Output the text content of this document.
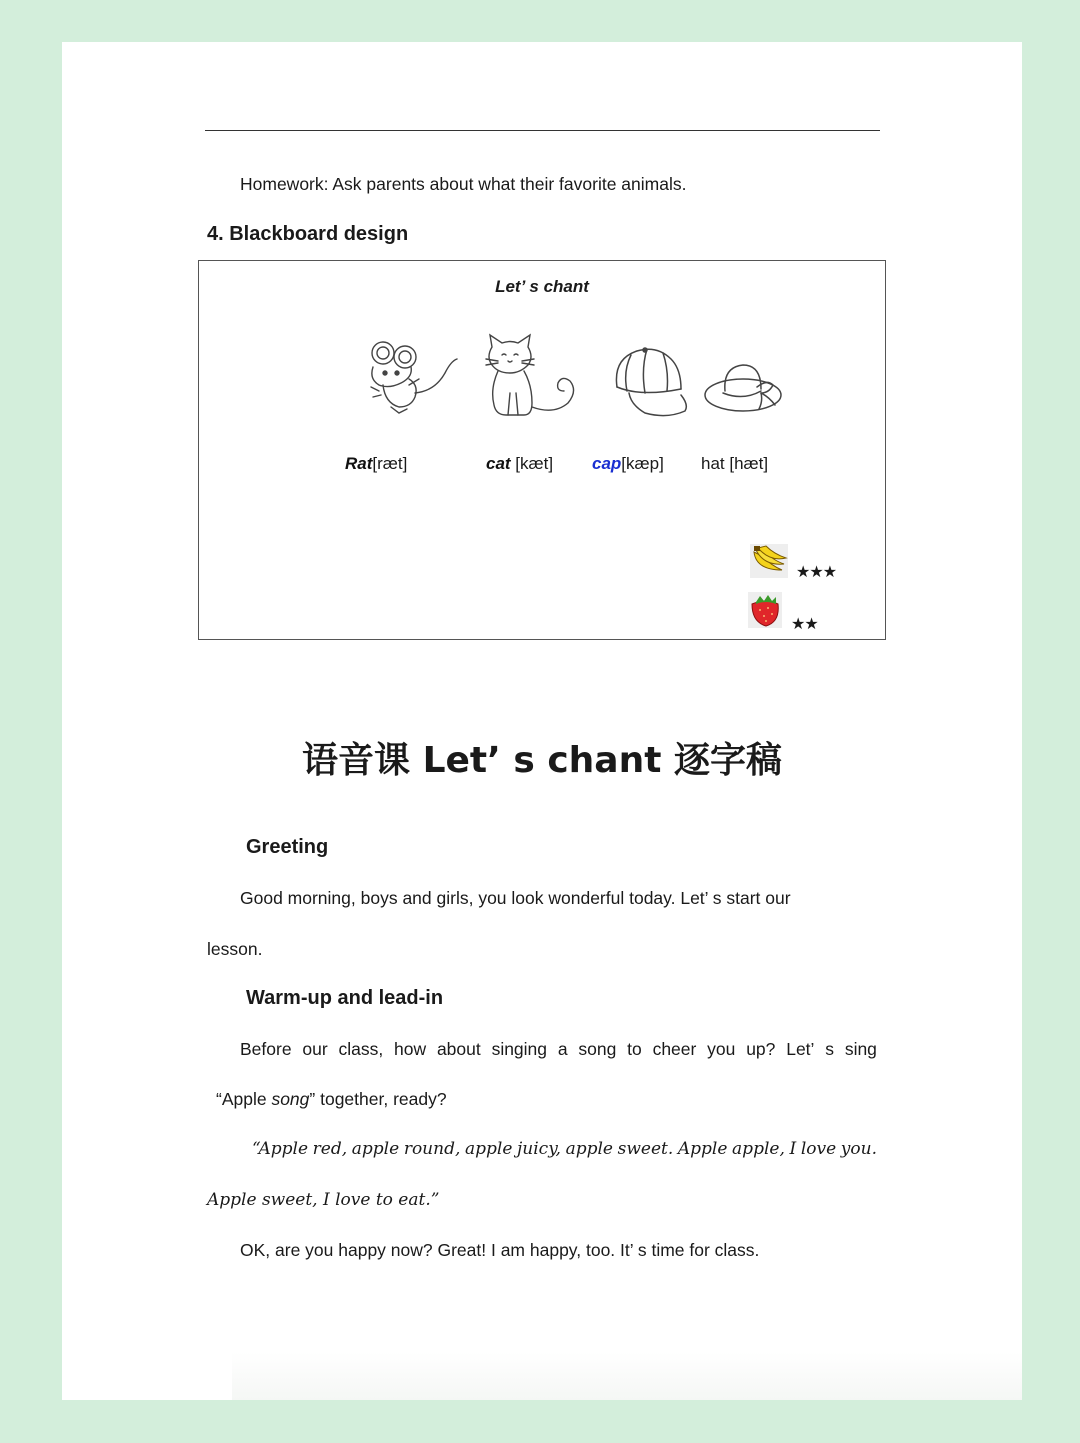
Homework: Ask parents about what their favorite animals.
4. Blackboard design
Let’ s chant
Rat[ræt]	cat [kæt] cap[kæp] hat [hæt]
★★★
★★
语音课 Let’ s chant 逐字稿
Greeting
Good morning, boys and girls, you look wonderful today. Let’ s start our
lesson.
Warm-up and lead-in
Before our class, how about singing a song to cheer you up? Let’ s sing
“Apple song” together, ready?
“Apple red, apple round, apple juicy, apple sweet. Apple apple, I love you.
Apple sweet, I love to eat.”
OK, are you happy now? Great! I am happy, too. It’ s time for class.
